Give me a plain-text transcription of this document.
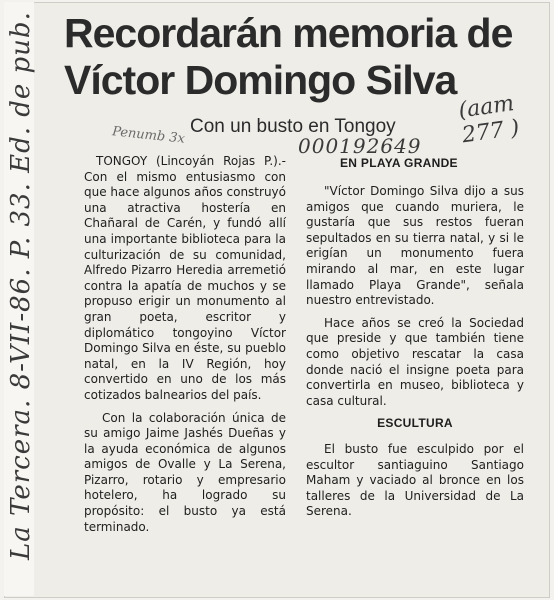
Recordarán memoria de Víctor Domingo Silva
La Tercera. 8-VII-86. P. 33. Ed. de pub.	Penumb 3x
(aam 277 )
Con un busto en Tongoy
000192649
EN PLAYA GRANDE

TONGOY (Lincoyán Rojas P.).- Con el mismo entusiasmo con que hace algunos años construyó una atractiva hostería en Chañaral de Carén, y fundó allí una importante biblioteca para la culturización de su comunidad, Alfredo Pizarro Heredia arremetió contra la apatía de muchos y se propuso erigir un monumento al gran poeta, escritor y diplomático tongoyino Víctor Domingo Silva en éste, su pueblo natal, en la IV Región, hoy convertido en uno de los más cotizados balnearios del país.

Con la colaboración única de su amigo Jaime Jashés Dueñas y la ayuda económica de algunos amigos de Ovalle y La Serena, Pizarro, rotario y empresario hotelero, ha logrado su propósito: el busto ya está terminado.

"Víctor Domingo Silva dijo a sus amigos que cuando muriera, le gustaría que sus restos fueran sepultados en su tierra natal, y si le erigían un monumento fuera mirando al mar, en este lugar llamado Playa Grande", señala nuestro entrevistado.

Hace años se creó la Sociedad que preside y que también tiene como objetivo rescatar la casa donde nació el insigne poeta para convertirla en museo, biblioteca y casa cultural.

ESCULTURA

El busto fue esculpido por el escultor santiaguino Santiago Maham y vaciado al bronce en los talleres de la Universidad de La Serena.
